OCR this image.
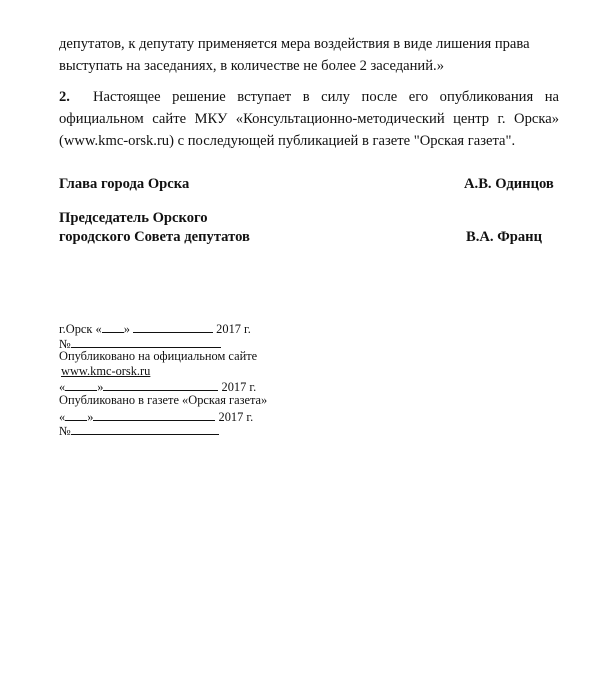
депутатов, к депутату применяется мера воздействия в виде лишения права
выступать на заседаниях, в количестве не более 2 заседаний.»

2. Настоящее решение вступает в силу после его опубликования на официальном сайте МКУ «Консультационно-методический центр г. Орска» (www.kmc-orsk.ru) с последующей публикацией в газете "Орская газета".

Глава города Орска	А.В. Одинцов
Председатель Орского
городского Совета депутатов	В.А. Франц
г.Орск « »	2017 г.
№
Опубликовано на официальном сайте
www.kmc-orsk.ru
«	»	2017 г.
Опубликовано в газете «Орская газета»
« »	2017 г.
№
